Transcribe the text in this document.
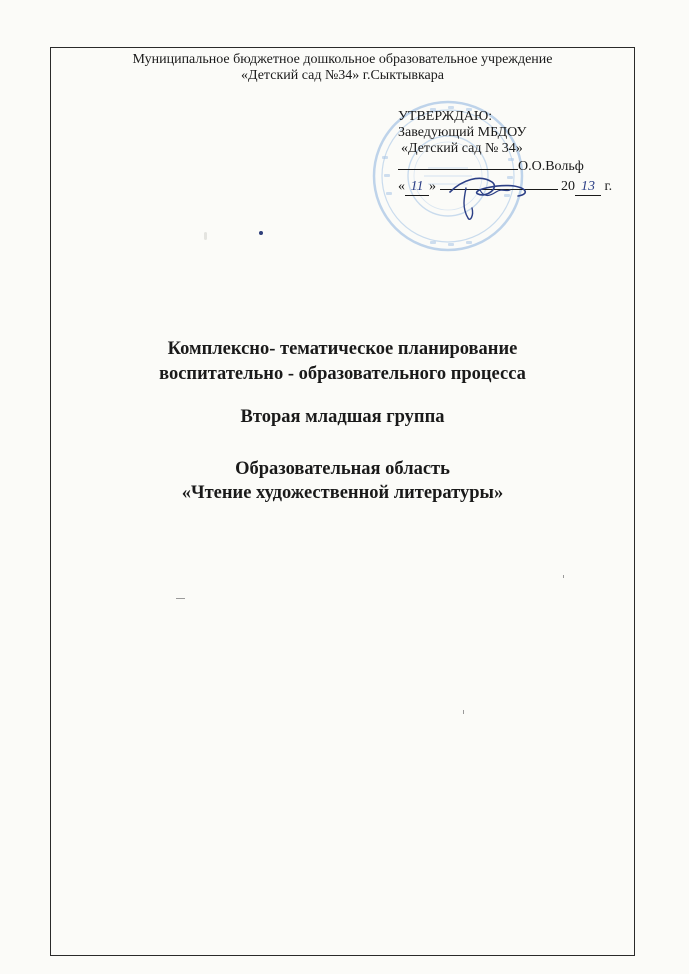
Муниципальное бюджетное дошкольное образовательное учреждение
«Детский сад №34» г.Сыктывкара
УТВЕРЖДАЮ:
Заведующий МБДОУ
«Детский сад № 34»
О.О.Вольф
« 11 »	20 13 г.
Комплексно- тематическое планирование
воспитательно - образовательного процесса
Вторая младшая группа
Образовательная область
«Чтение художественной литературы»
